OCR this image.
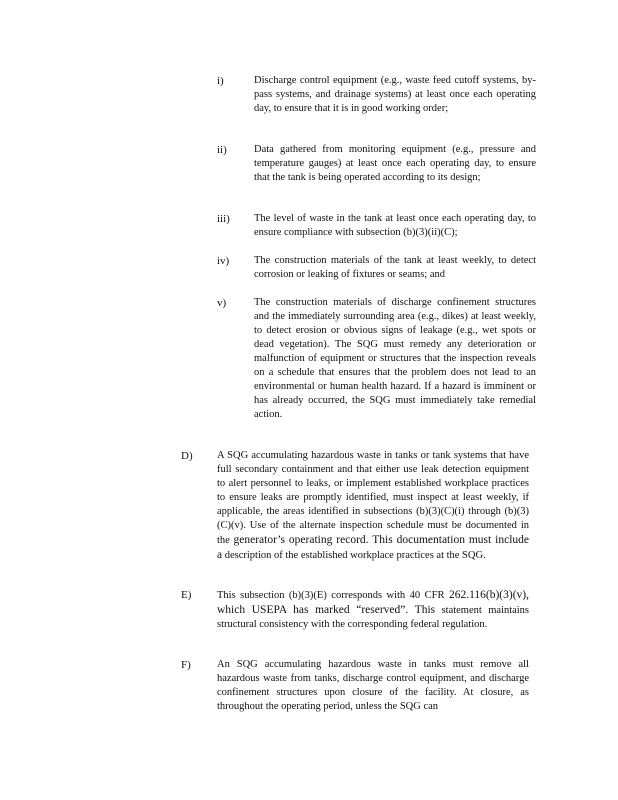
i)	Discharge control equipment (e.g., waste feed cutoff systems, by-pass systems, and drainage systems) at least once each operating day, to ensure that it is in good working order;
ii)	Data gathered from monitoring equipment (e.g., pressure and temperature gauges) at least once each operating day, to ensure that the tank is being operated according to its design;
iii) The level of waste in the tank at least once each operating day, to ensure compliance with subsection (b)(3)(ii)(C);
iv) The construction materials of the tank at least weekly, to detect corrosion or leaking of fixtures or seams; and
v)	The construction materials of discharge confinement structures and the immediately surrounding area (e.g., dikes) at least weekly, to detect erosion or obvious signs of leakage (e.g., wet spots or dead vegetation). The SQG must remedy any deterioration or malfunction of equipment or structures that the inspection reveals on a schedule that ensures that the problem does not lead to an environmental or human health hazard. If a hazard is imminent or has already occurred, the SQG must immediately take remedial action.
D) A SQG accumulating hazardous waste in tanks or tank systems that have full secondary containment and that either use leak detection equipment to alert personnel to leaks, or implement established workplace practices to ensure leaks are promptly identified, must inspect at least weekly, if applicable, the areas identified in subsections (b)(3)(C)(i) through (b)(3)(C)(v). Use of the alternate inspection schedule must be documented in the generator’s operating record. This documentation must include a description of the established workplace practices at the SQG.
E) This subsection (b)(3)(E) corresponds with 40 CFR 262.116(b)(3)(v), which USEPA has marked “reserved”. This statement maintains structural consistency with the corresponding federal regulation.
F) An SQG accumulating hazardous waste in tanks must remove all hazardous waste from tanks, discharge control equipment, and discharge confinement structures upon closure of the facility. At closure, as throughout the operating period, unless the SQG can
